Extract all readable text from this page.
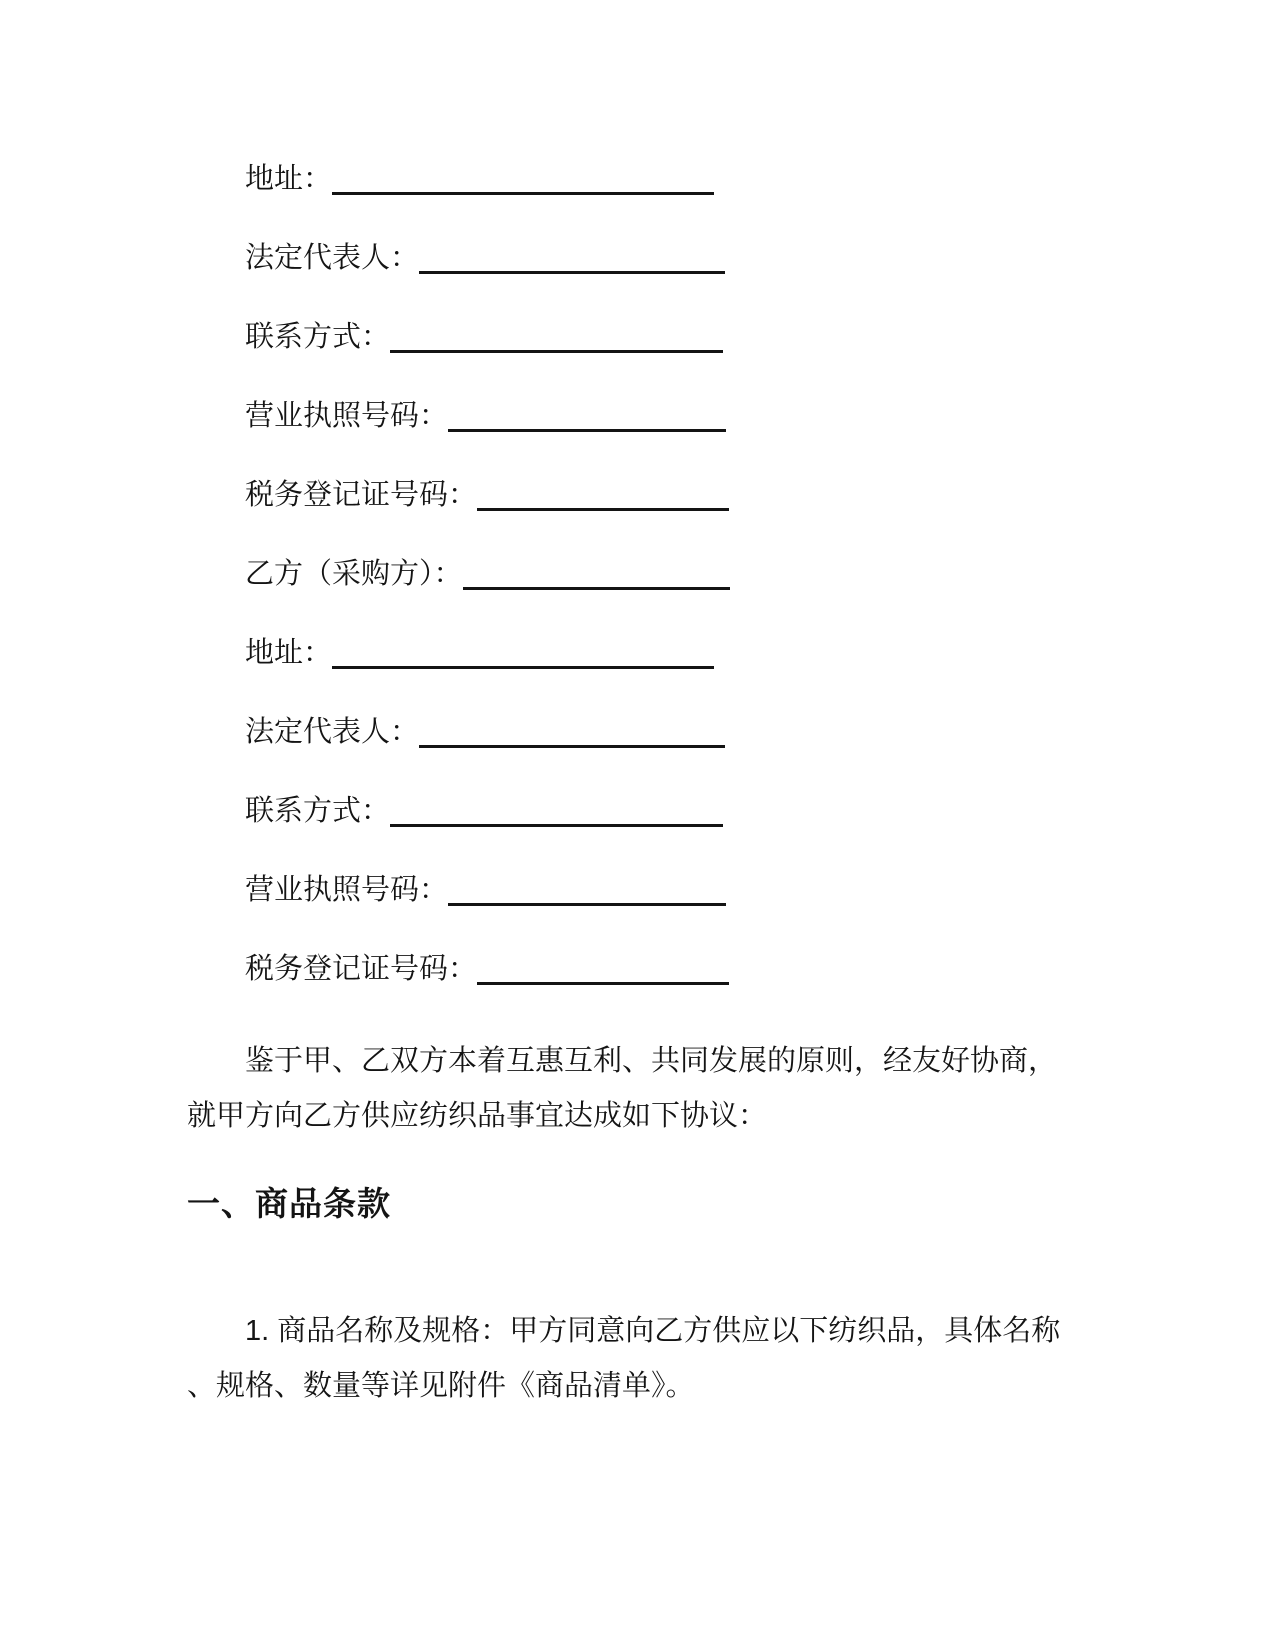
地址：
法定代表人：
联系方式：
营业执照号码：
税务登记证号码：
乙方（采购方）：
地址：
法定代表人：
联系方式：
营业执照号码：
税务登记证号码：
鉴于甲、乙双方本着互惠互利、共同发展的原则，经友好协商，
就甲方向乙方供应纺织品事宜达成如下协议：
一、商品条款
1. 商品名称及规格：甲方同意向乙方供应以下纺织品，具体名称
、规格、数量等详见附件《商品清单》。
